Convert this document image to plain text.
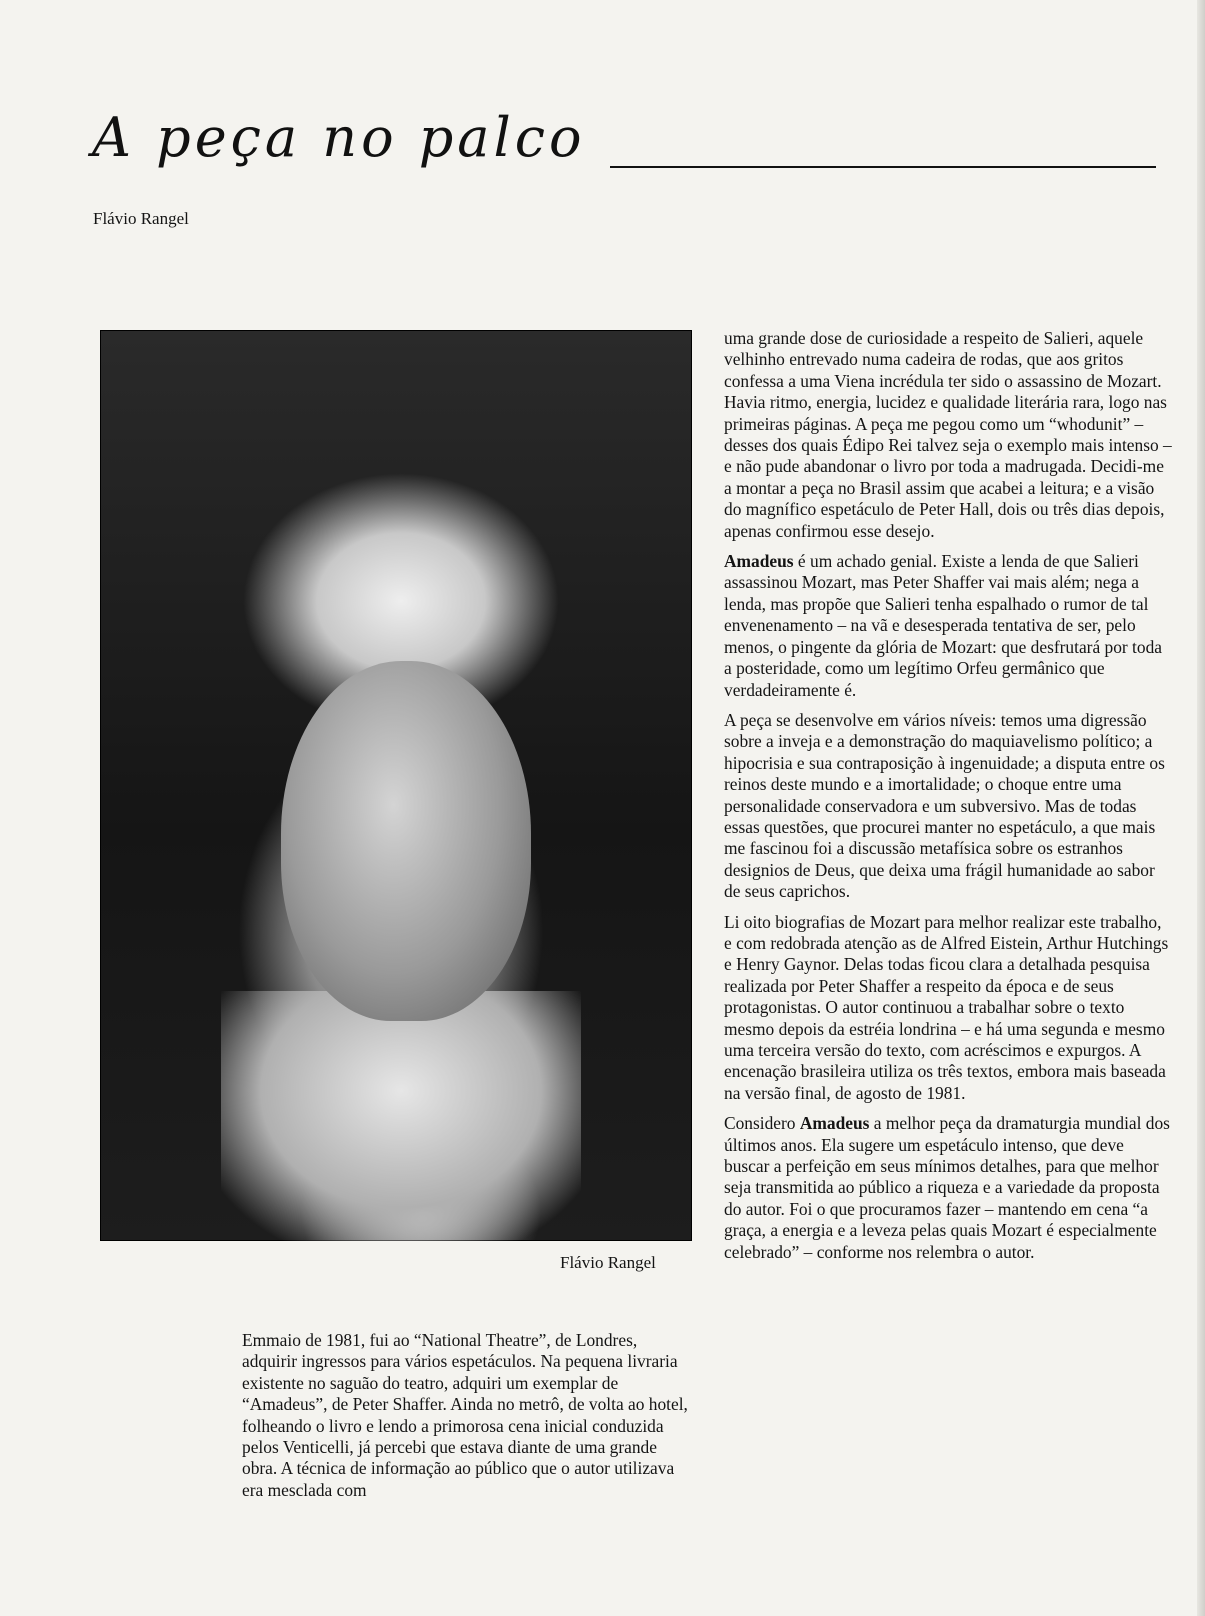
A peça no palco

Flávio Rangel

Flávio Rangel

Emmaio de 1981, fui ao “National Theatre”, de Londres, adquirir ingressos para vários espetáculos. Na pequena livraria existente no saguão do teatro, adquiri um exemplar de “Amadeus”, de Peter Shaffer. Ainda no metrô, de volta ao hotel, folheando o livro e lendo a primorosa cena inicial conduzida pelos Venticelli, já percebi que estava diante de uma grande obra. A técnica de informação ao público que o autor utilizava era mesclada com

uma grande dose de curiosidade a respeito de Salieri, aquele velhinho entrevado numa cadeira de rodas, que aos gritos confessa a uma Viena incrédula ter sido o assassino de Mozart. Havia ritmo, energia, lucidez e qualidade literária rara, logo nas primeiras páginas. A peça me pegou como um “whodunit” – desses dos quais Édipo Rei talvez seja o exemplo mais intenso – e não pude abandonar o livro por toda a madrugada. Decidi-me a montar a peça no Brasil assim que acabei a leitura; e a visão do magnífico espetáculo de Peter Hall, dois ou três dias depois, apenas confirmou esse desejo.

Amadeus é um achado genial. Existe a lenda de que Salieri assassinou Mozart, mas Peter Shaffer vai mais além; nega a lenda, mas propõe que Salieri tenha espalhado o rumor de tal envenenamento – na vã e desesperada tentativa de ser, pelo menos, o pingente da glória de Mozart: que desfrutará por toda a posteridade, como um legítimo Orfeu germânico que verdadeiramente é.

A peça se desenvolve em vários níveis: temos uma digressão sobre a inveja e a demonstração do maquiavelismo político; a hipocrisia e sua contraposição à ingenuidade; a disputa entre os reinos deste mundo e a imortalidade; o choque entre uma personalidade conservadora e um subversivo. Mas de todas essas questões, que procurei manter no espetáculo, a que mais me fascinou foi a discussão metafísica sobre os estranhos designios de Deus, que deixa uma frágil humanidade ao sabor de seus caprichos.

Li oito biografias de Mozart para melhor realizar este trabalho, e com redobrada atenção as de Alfred Eistein, Arthur Hutchings e Henry Gaynor. Delas todas ficou clara a detalhada pesquisa realizada por Peter Shaffer a respeito da época e de seus protagonistas. O autor continuou a trabalhar sobre o texto mesmo depois da estréia londrina – e há uma segunda e mesmo uma terceira versão do texto, com acréscimos e expurgos. A encenação brasileira utiliza os três textos, embora mais baseada na versão final, de agosto de 1981.

Considero Amadeus a melhor peça da dramaturgia mundial dos últimos anos. Ela sugere um espetáculo intenso, que deve buscar a perfeição em seus mínimos detalhes, para que melhor seja transmitida ao público a riqueza e a variedade da proposta do autor. Foi o que procuramos fazer – mantendo em cena “a graça, a energia e a leveza pelas quais Mozart é especialmente celebrado” – conforme nos relembra o autor.
